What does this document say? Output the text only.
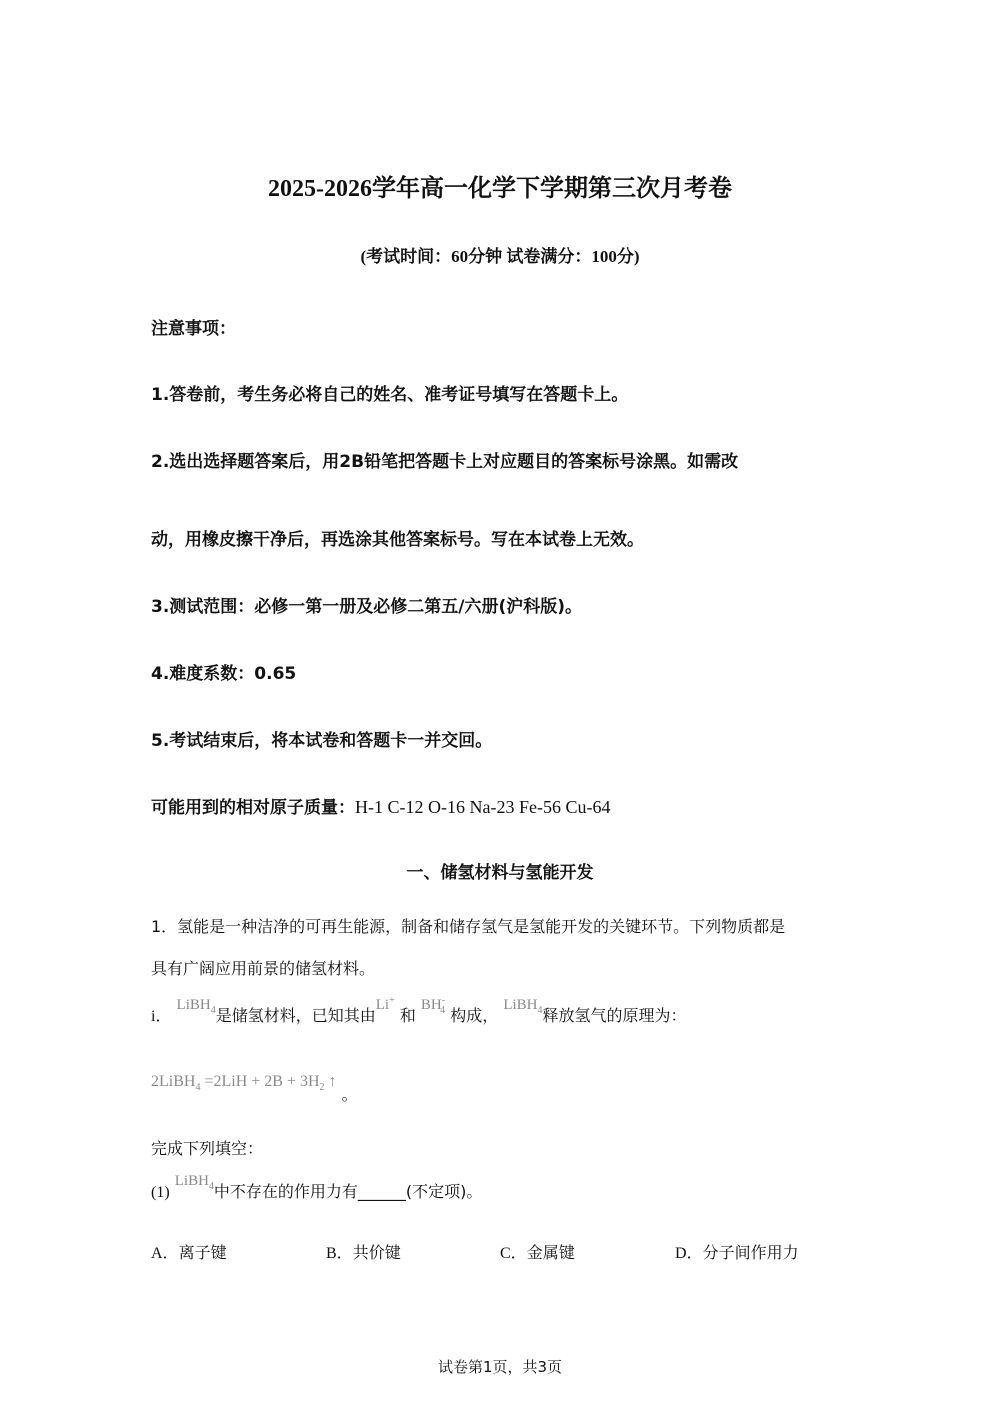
2025-2026学年高一化学下学期第三次月考卷
(考试时间：60分钟 试卷满分：100分)
注意事项：
1.答卷前，考生务必将自己的姓名、准考证号填写在答题卡上。
2.选出选择题答案后，用2B铅笔把答题卡上对应题目的答案标号涂黑。如需改
动，用橡皮擦干净后，再选涂其他答案标号。写在本试卷上无效。
3.测试范围：必修一第一册及必修二第五/六册(沪科版)。
4.难度系数：0.65
5.考试结束后，将本试卷和答题卡一并交回。
可能用到的相对原子质量：H-1 C-12 O-16 Na-23 Fe-56 Cu-64
一、储氢材料与氢能开发
1．氢能是一种洁净的可再生能源，制备和储存氢气是氢能开发的关键环节。下列物质都是
具有广阔应用前景的储氢材料。
i． LiBH$_4$是储氢材料，已知其由Li+ 和 $BH^-_4$ 构成， LiBH$_4$释放氢气的原理为：
2LiBH$_4$ $=2LiH + 2B + 3H_2$ ↑ 。
完成下列填空：
(1) LiBH$_4$中不存在的作用力有______(不定项)。
A．离子键	B．共价键	C．金属键	D．分子间作用力
试卷第1页，共3页
